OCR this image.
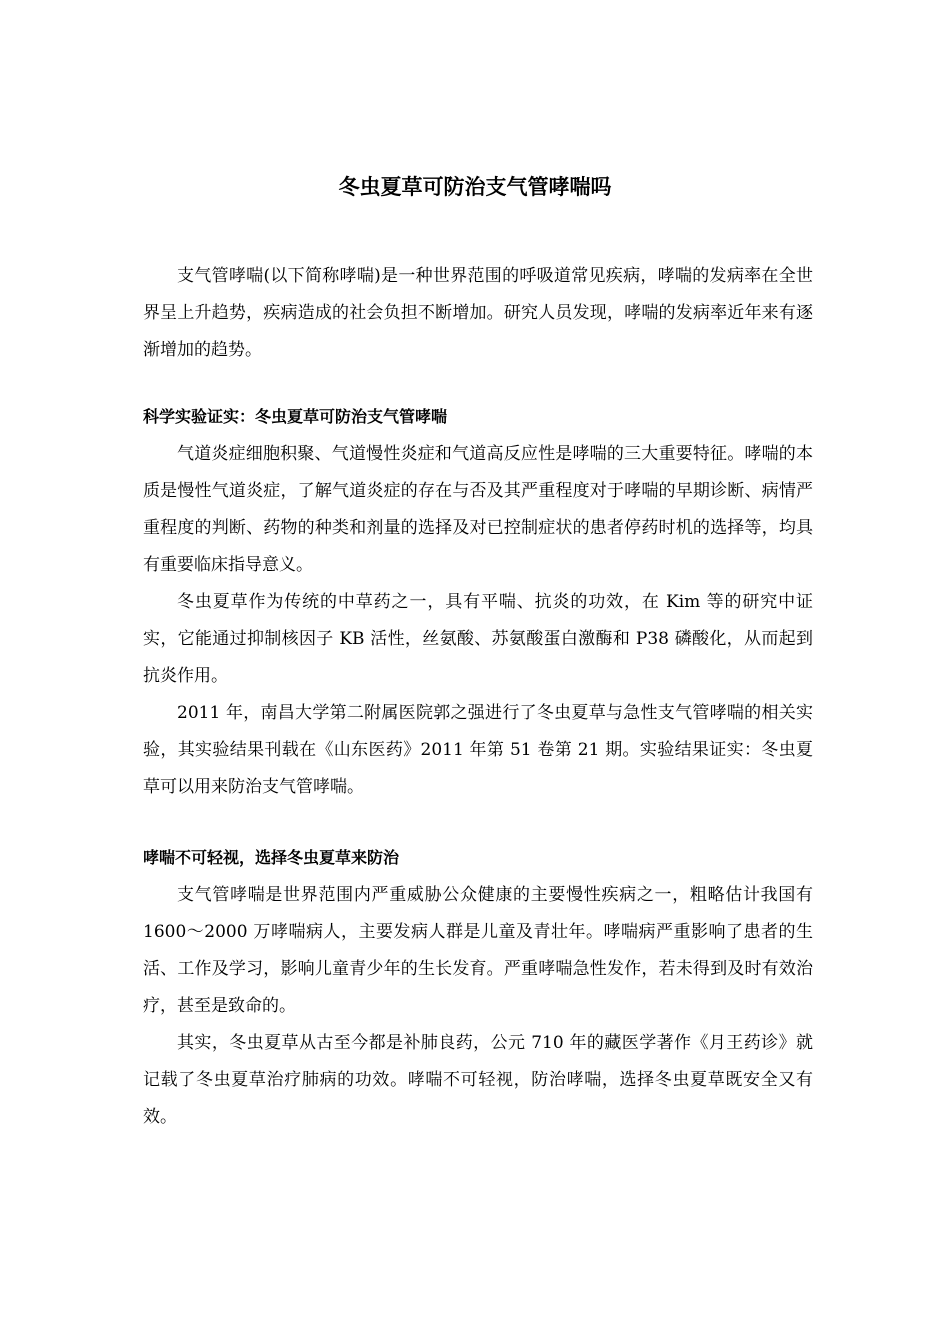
冬虫夏草可防治支气管哮喘吗

支气管哮喘(以下简称哮喘)是一种世界范围的呼吸道常见疾病，哮喘的发病率在全世界呈上升趋势，疾病造成的社会负担不断增加。研究人员发现，哮喘的发病率近年来有逐渐增加的趋势。

科学实验证实：冬虫夏草可防治支气管哮喘

气道炎症细胞积聚、气道慢性炎症和气道高反应性是哮喘的三大重要特征。哮喘的本质是慢性气道炎症，了解气道炎症的存在与否及其严重程度对于哮喘的早期诊断、病情严重程度的判断、药物的种类和剂量的选择及对已控制症状的患者停药时机的选择等，均具有重要临床指导意义。

冬虫夏草作为传统的中草药之一，具有平喘、抗炎的功效，在 Kim 等的研究中证实，它能通过抑制核因子 KB 活性，丝氨酸、苏氨酸蛋白激酶和 P38 磷酸化，从而起到抗炎作用。

2011 年，南昌大学第二附属医院郭之强进行了冬虫夏草与急性支气管哮喘的相关实验，其实验结果刊载在《山东医药》2011 年第 51 卷第 21 期。实验结果证实：冬虫夏草可以用来防治支气管哮喘。

哮喘不可轻视，选择冬虫夏草来防治

支气管哮喘是世界范围内严重威胁公众健康的主要慢性疾病之一，粗略估计我国有 1600～2000 万哮喘病人，主要发病人群是儿童及青壮年。哮喘病严重影响了患者的生活、工作及学习，影响儿童青少年的生长发育。严重哮喘急性发作，若未得到及时有效治疗，甚至是致命的。

其实，冬虫夏草从古至今都是补肺良药，公元 710 年的藏医学著作《月王药诊》就记载了冬虫夏草治疗肺病的功效。哮喘不可轻视，防治哮喘，选择冬虫夏草既安全又有效。
